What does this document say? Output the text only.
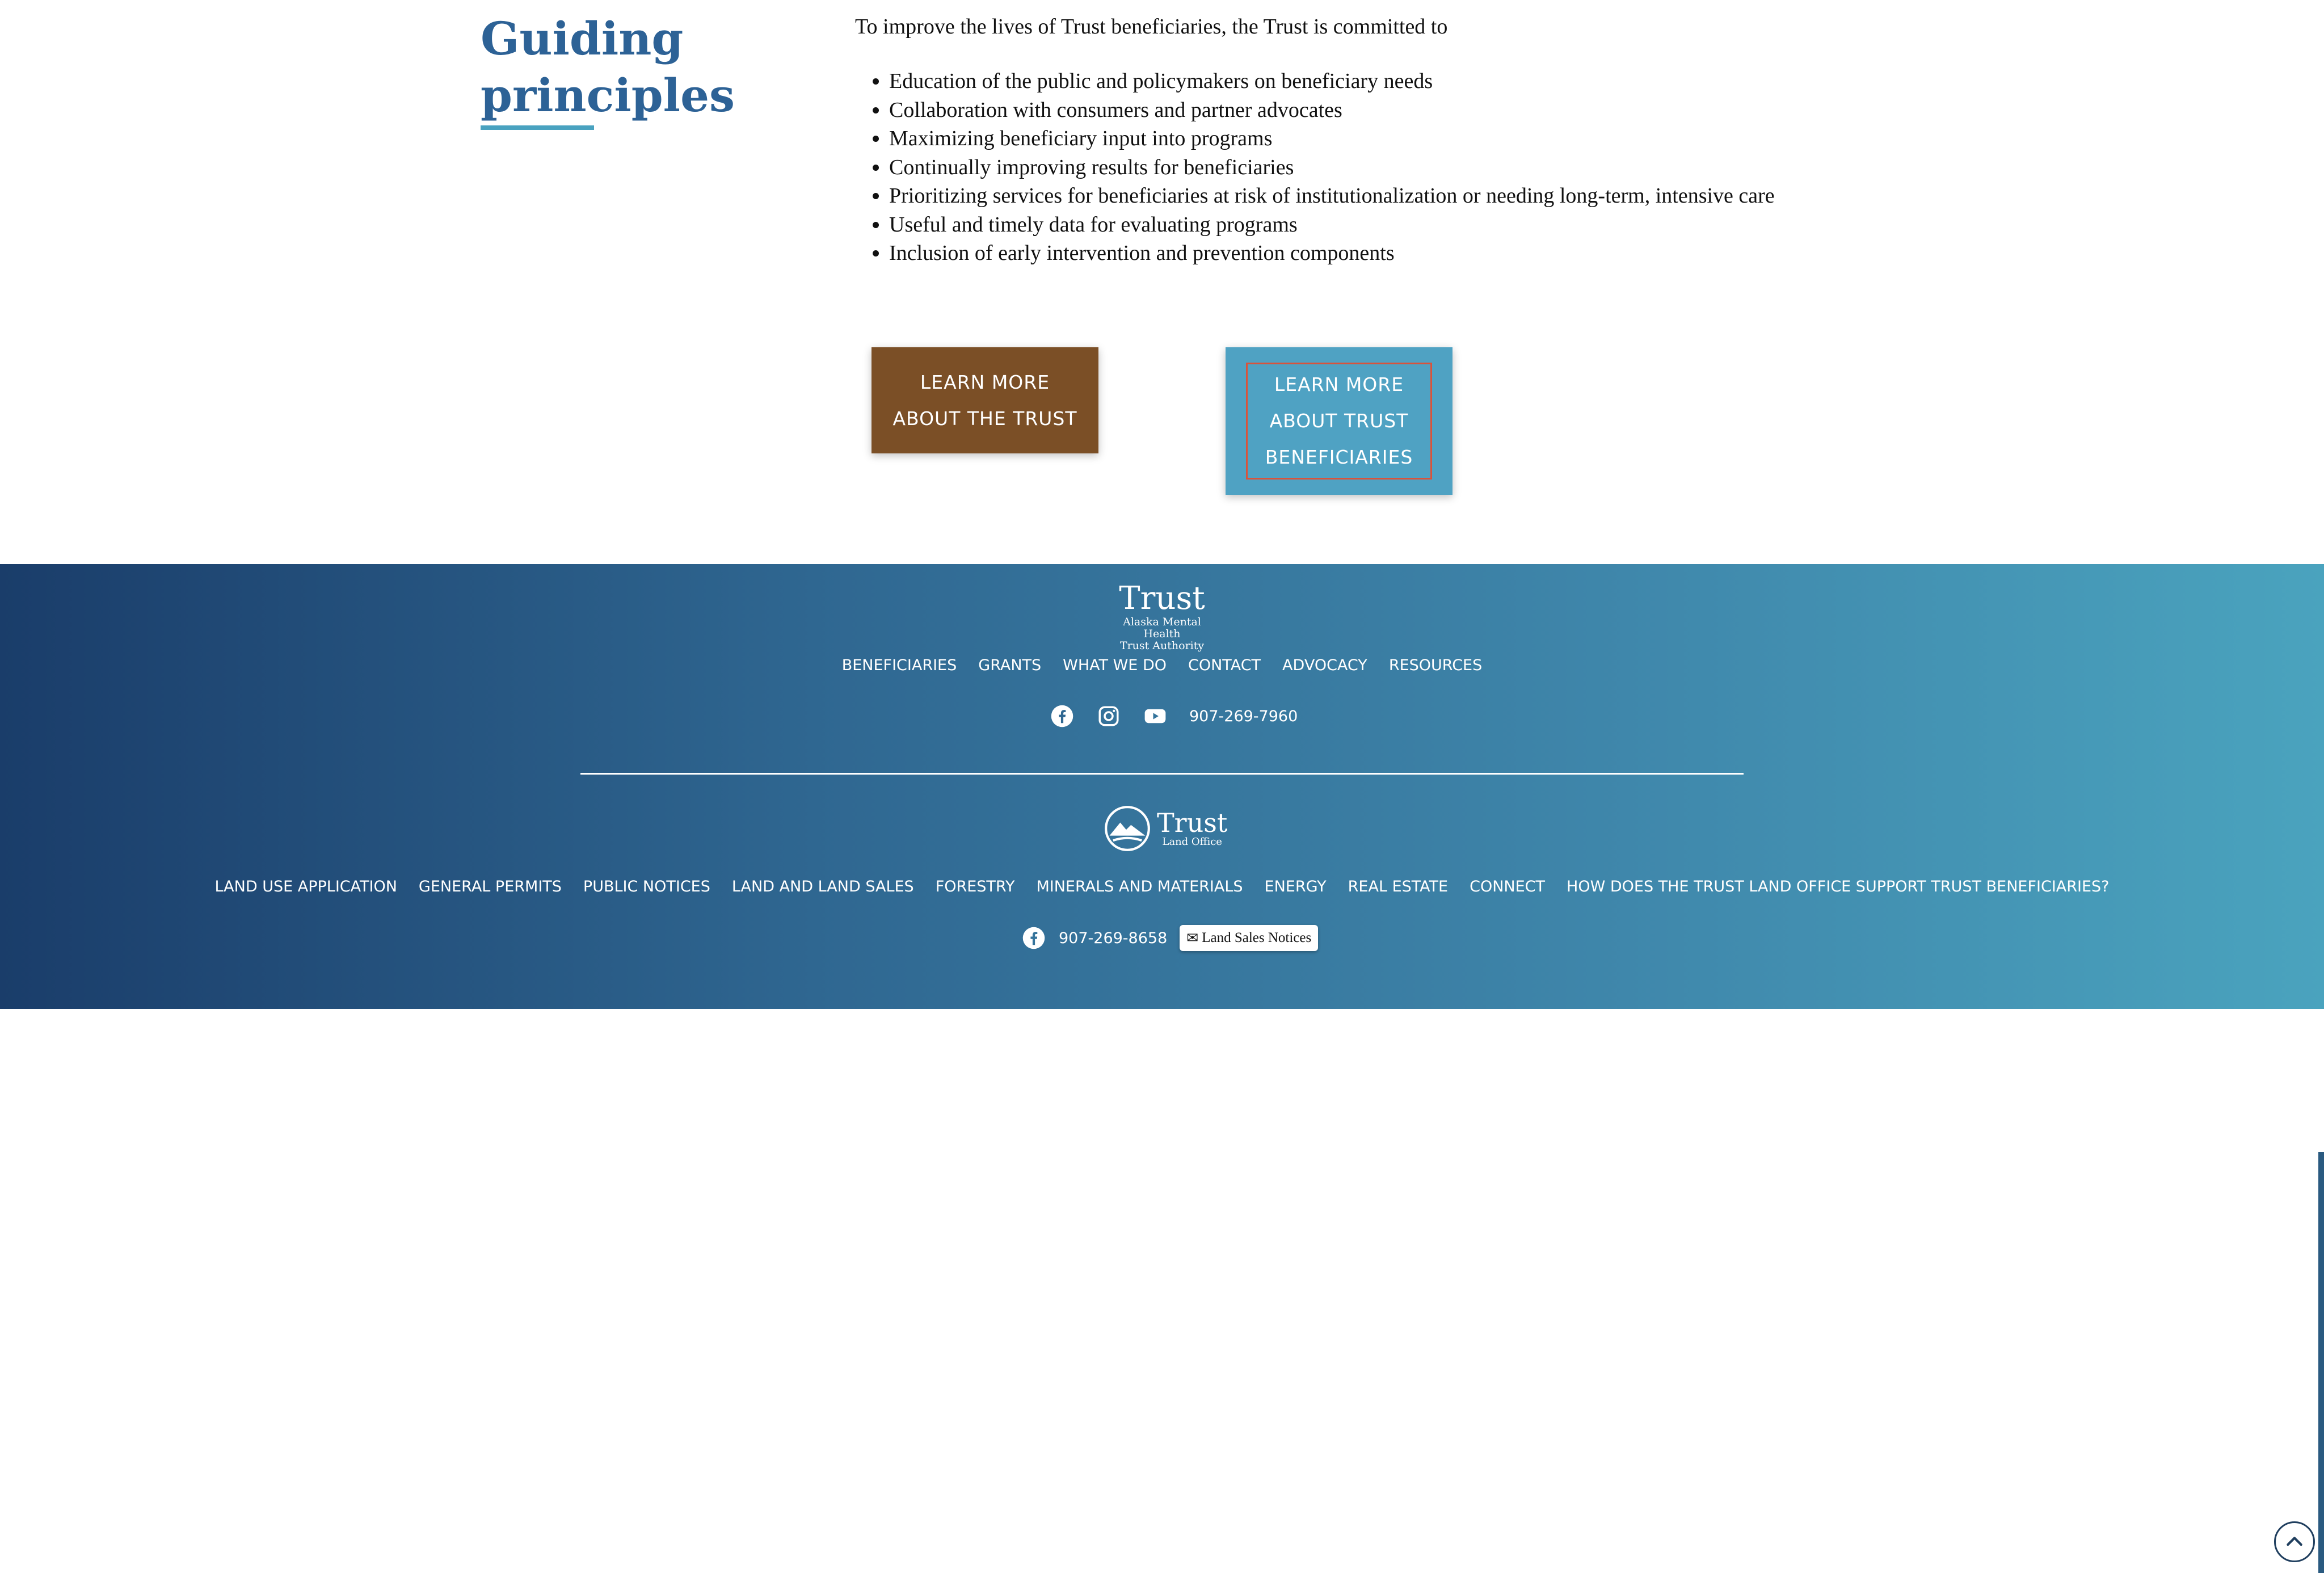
Guiding
principles

To improve the lives of Trust beneficiaries, the Trust is committed to

• Education of the public and policymakers on beneficiary needs
• Collaboration with consumers and partner advocates
• Maximizing beneficiary input into programs
• Continually improving results for beneficiaries
• Prioritizing services for beneficiaries at risk of institutionalization or needing long-term, intensive care
• Useful and timely data for evaluating programs
• Inclusion of early intervention and prevention components
LEARN MORE ABOUT THE TRUST
LEARN MORE ABOUT TRUST BENEFICIARIES
Trust
Alaska Mental Health
Trust Authority
BENEFICIARIES GRANTS WHAT WE DO CONTACT ADVOCACY RESOURCES
907-269-7960
Trust
Land Office
LAND USE APPLICATION GENERAL PERMITS PUBLIC NOTICES LAND AND LAND SALES FORESTRY MINERALS AND MATERIALS ENERGY REAL ESTATE CONNECT HOW DOES THE TRUST LAND OFFICE SUPPORT TRUST BENEFICIARIES?
907-269-8658 ✉ Land Sales Notices
